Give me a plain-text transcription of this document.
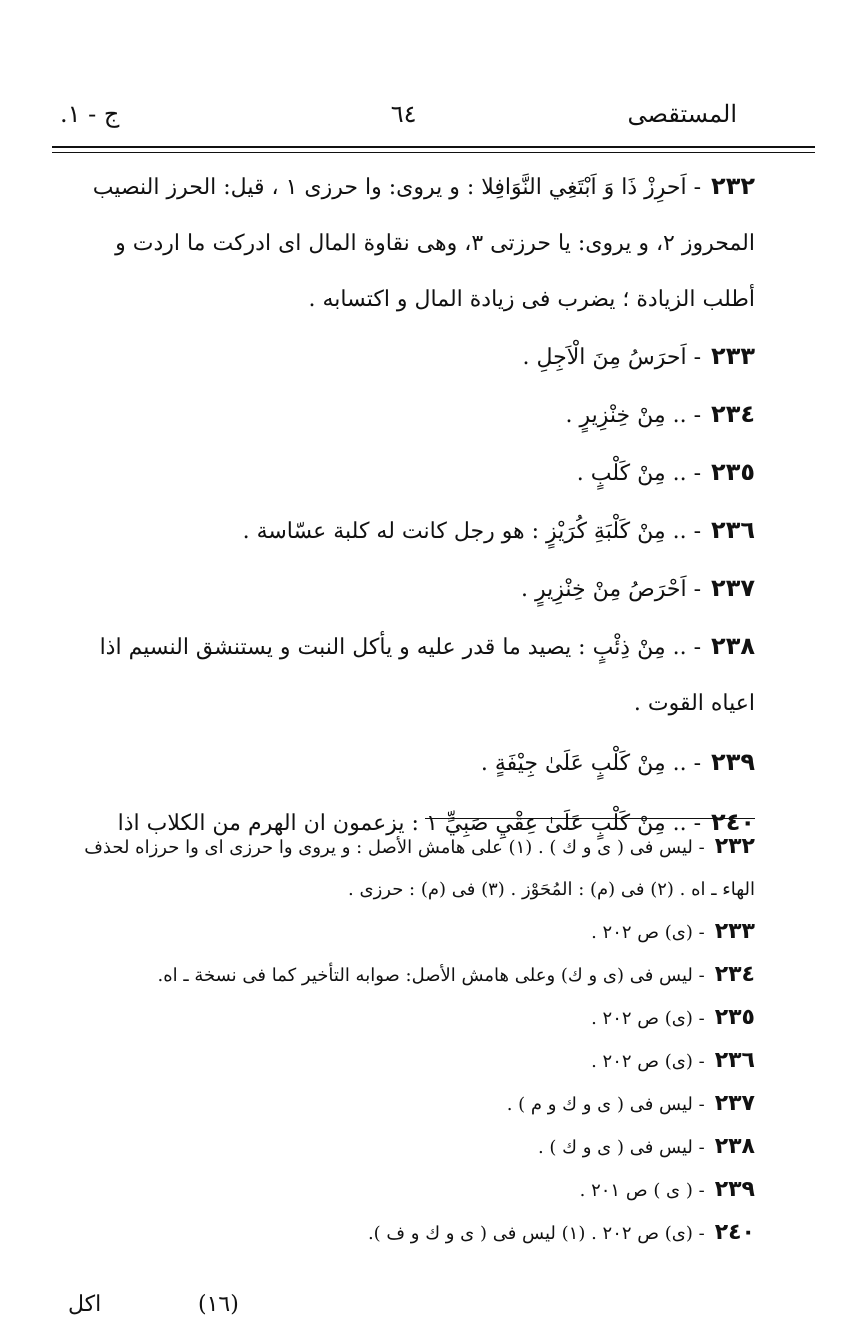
المستقصى
٦٤
ج - ١.

٢٣٢- اَحرِزْ ذَا وَ اَبْتَغِي النَّوَافِلا : و يروى: وا حرزى ١ ، قيل: الحرز النصيب المحروز ٢، و يروى: يا حرزتى ٣، وهى نقاوة المال اى ادركت ما اردت و أطلب الزيادة ؛ يضرب فى زيادة المال و اكتسابه .

٢٣٣- اَحرَسُ مِنَ الْاَجِلِ .

٢٣٤- .. مِنْ خِنْزِيرٍ .

٢٣٥- .. مِنْ كَلْبٍ .

٢٣٦- .. مِنْ كَلْبَةِ كُرَيْزٍ : هو رجل كانت له كلبة عسّاسة .

٢٣٧- اَحْرَصُ مِنْ خِنْزِيرٍ .

٢٣٨- .. مِنْ ذِئْبٍ : يصيد ما قدر عليه و يأكل النبت و يستنشق النسيم اذا اعياه القوت .

٢٣٩- .. مِنْ كَلْبٍ عَلَىٰ جِيْفَةٍ .

٢٤٠- .. مِنْ كَلْبٍ عَلَىٰ عِقْيِ صَبِيٍّ ١ : يزعمون ان الهرم من الكلاب اذا

٢٣٢- ليس فى ( ى و ك ) . (١) على هامش الأصل : و يروى وا حرزى اى وا حرزاه لحذف الهاء ـ اه . (٢) فى (م) : المُحَوْز . (٣) فى (م) : حرزى .

٢٣٣- (ى) ص ٢٠٢ .

٢٣٤- ليس فى (ى و ك) وعلى هامش الأصل: صوابه التأخير كما فى نسخة ـ اه.

٢٣٥- (ى) ص ٢٠٢ .

٢٣٦- (ى) ص ٢٠٢ .

٢٣٧- ليس فى ( ى و ك و م ) .

٢٣٨- ليس فى ( ى و ك ) .

٢٣٩- ( ى ) ص ٢٠١ .

٢٤٠- (ى) ص ٢٠٢ . (١) ليس فى ( ى و ك و ف ).

(١٦)
اكل
